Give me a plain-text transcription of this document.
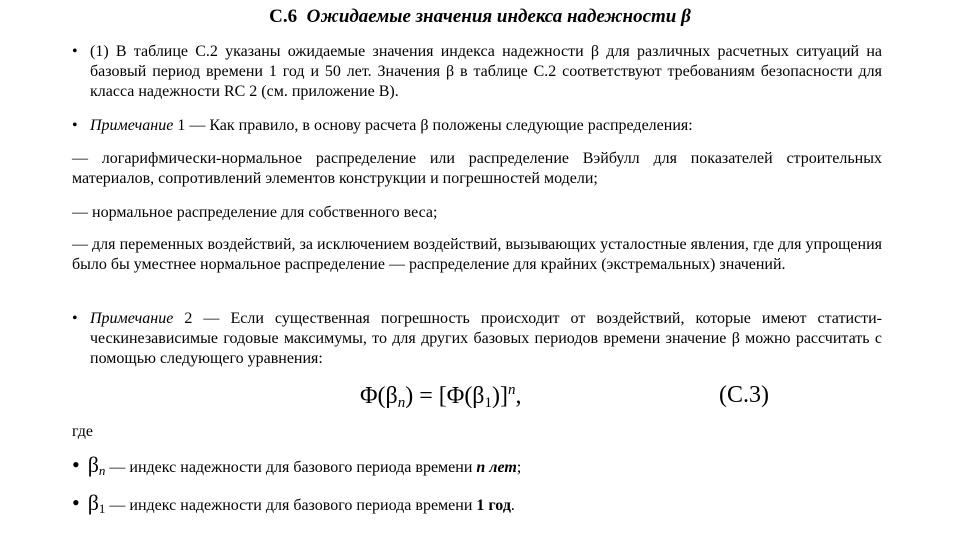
C.6 Ожидаемые значения индекса надежности β
• (1) В таблице С.2 указаны ожидаемые значения индекса надежности β для различных расчетных ситуаций на базовый период времени 1 год и 50 лет. Значения β в таблице С.2 соответствуют требованиям безопасности для класса надежности RC 2 (см. приложение В).
• Примечание 1 — Как правило, в основу расчета β положены следующие распределения:
— логарифмически-нормальное распределение или распределение Вэйбулл для показателей строительных материалов, сопротивлений элементов конструкции и погрешностей модели;
— нормальное распределение для собственного веса;
— для переменных воздействий, за исключением воздействий, вызывающих усталостные явления, где для упрощения было бы уместнее нормальное распределение — распределение для крайних (экстремальных) значений.
• Примечание 2 — Если существенная погрешность происходит от воздействий, которые имеют статисти-ческинезависимые годовые максимумы, то для других базовых периодов времени значение β можно рассчитать с помощью следующего уравнения:
$\Phi(\beta_n) = [\Phi(\beta_1)]^n$,	(С.3)
где
• $\beta_n$ — индекс надежности для базового периода времени n лет;
• $\beta_1$ — индекс надежности для базового периода времени 1 год.
